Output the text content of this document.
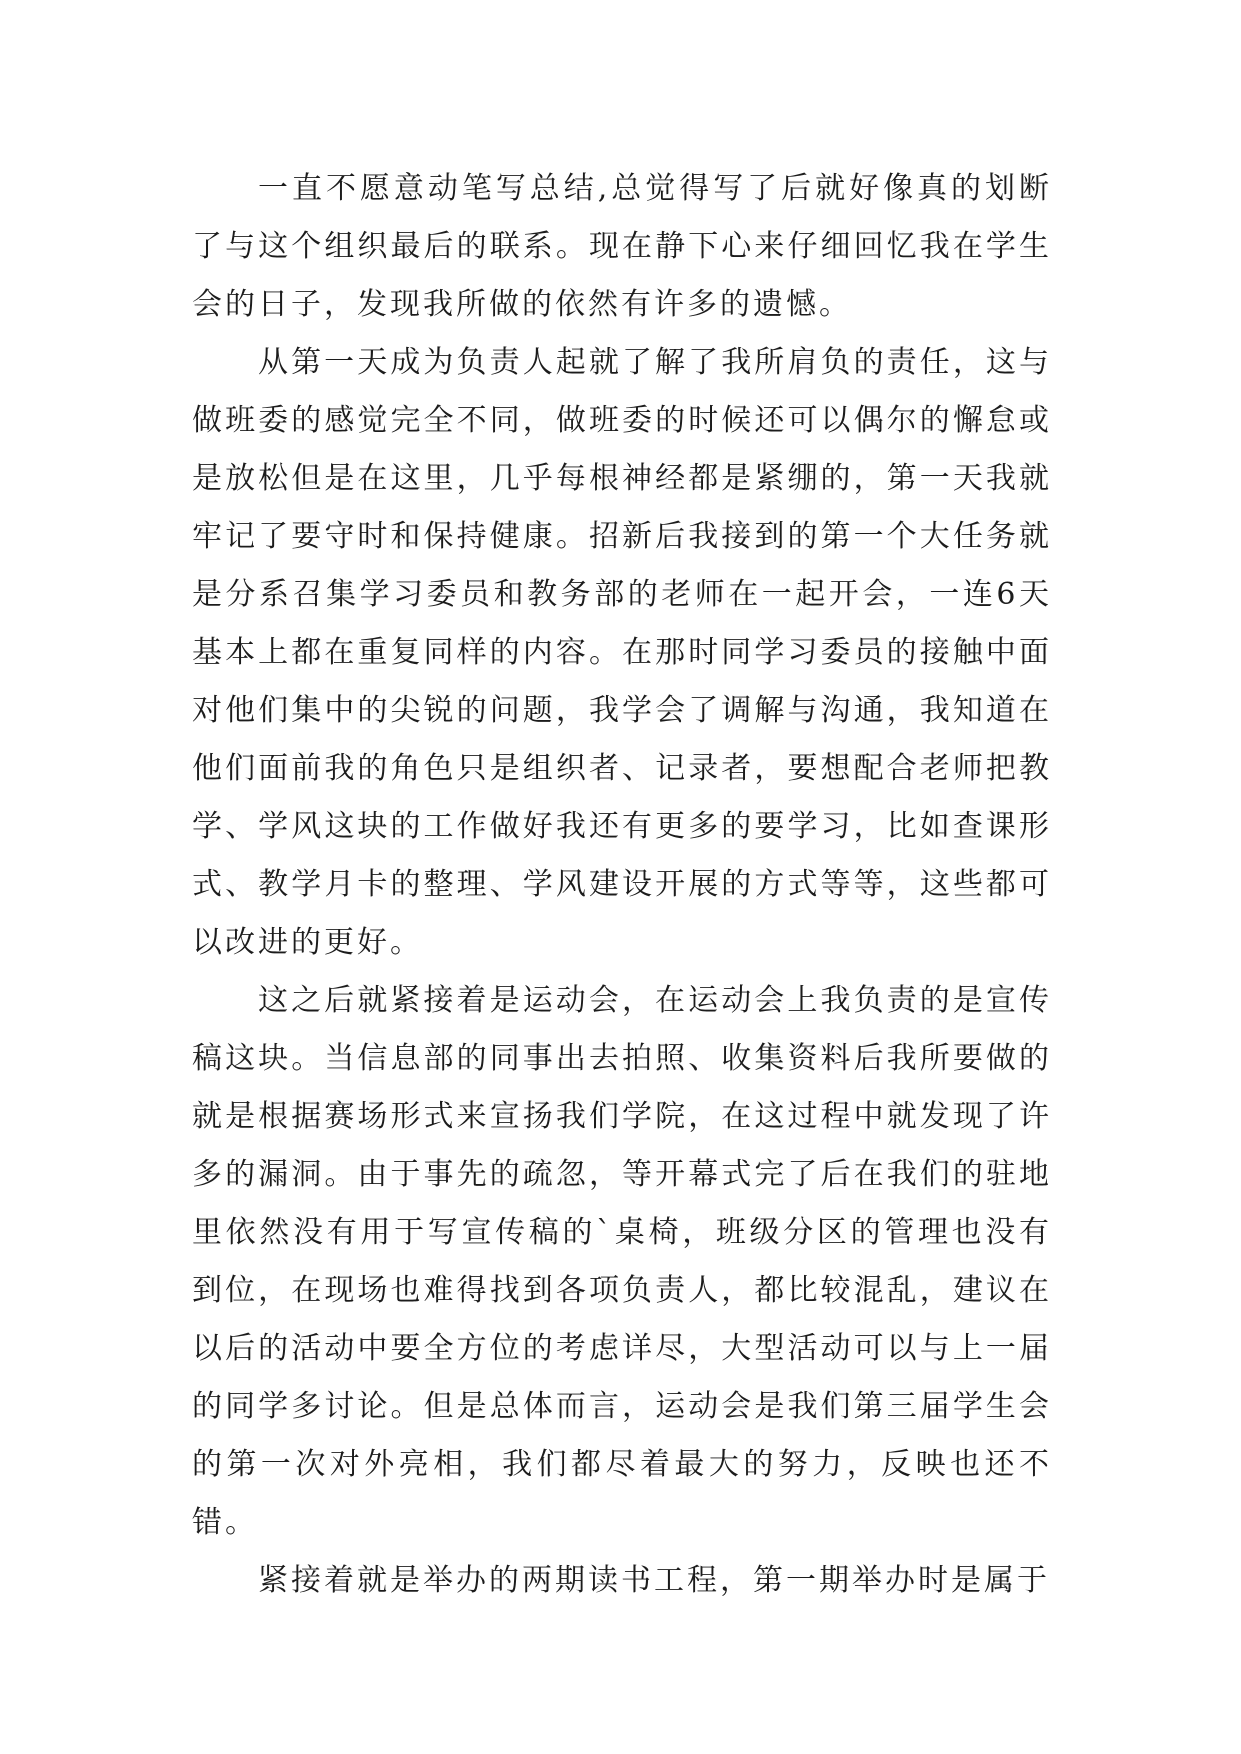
一直不愿意动笔写总结,总觉得写了后就好像真的划断了与这个组织最后的联系。现在静下心来仔细回忆我在学生会的日子，发现我所做的依然有许多的遗憾。

从第一天成为负责人起就了解了我所肩负的责任，这与做班委的感觉完全不同，做班委的时候还可以偶尔的懈怠或是放松但是在这里，几乎每根神经都是紧绷的，第一天我就牢记了要守时和保持健康。招新后我接到的第一个大任务就是分系召集学习委员和教务部的老师在一起开会，一连6天基本上都在重复同样的内容。在那时同学习委员的接触中面对他们集中的尖锐的问题，我学会了调解与沟通，我知道在他们面前我的角色只是组织者、记录者，要想配合老师把教学、学风这块的工作做好我还有更多的要学习，比如查课形式、教学月卡的整理、学风建设开展的方式等等，这些都可以改进的更好。

这之后就紧接着是运动会，在运动会上我负责的是宣传稿这块。当信息部的同事出去拍照、收集资料后我所要做的就是根据赛场形式来宣扬我们学院，在这过程中就发现了许多的漏洞。由于事先的疏忽，等开幕式完了后在我们的驻地里依然没有用于写宣传稿的`桌椅，班级分区的管理也没有到位，在现场也难得找到各项负责人，都比较混乱，建议在以后的活动中要全方位的考虑详尽，大型活动可以与上一届的同学多讨论。但是总体而言，运动会是我们第三届学生会的第一次对外亮相，我们都尽着最大的努力，反映也还不错。

紧接着就是举办的两期读书工程，第一期举办时是属于
